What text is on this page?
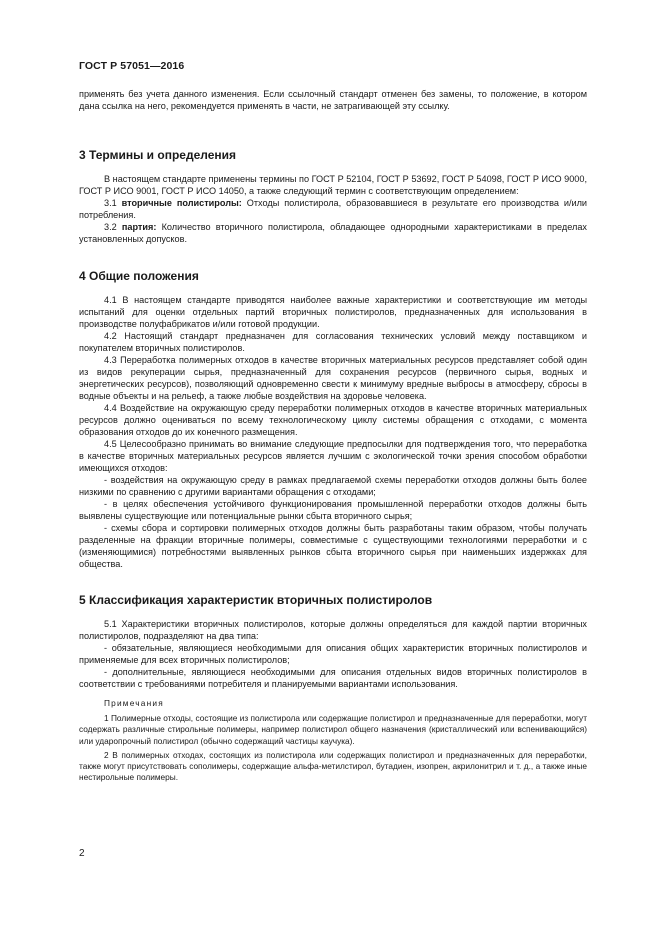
ГОСТ Р 57051—2016

применять без учета данного изменения. Если ссылочный стандарт отменен без замены, то положение, в котором дана ссылка на него, рекомендуется применять в части, не затрагивающей эту ссылку.

3 Термины и определения

В настоящем стандарте применены термины по ГОСТ Р 52104, ГОСТ Р 53692, ГОСТ Р 54098, ГОСТ Р ИСО 9000, ГОСТ Р ИСО 9001, ГОСТ Р ИСО 14050, а также следующий термин с соответствующим определением:

3.1 вторичные полистиролы: Отходы полистирола, образовавшиеся в результате его производства и/или потребления.

3.2 партия: Количество вторичного полистирола, обладающее однородными характеристиками в пределах установленных допусков.

4 Общие положения

4.1 В настоящем стандарте приводятся наиболее важные характеристики и соответствующие им методы испытаний для оценки отдельных партий вторичных полистиролов, предназначенных для использования в производстве полуфабрикатов и/или готовой продукции.

4.2 Настоящий стандарт предназначен для согласования технических условий между поставщиком и покупателем вторичных полистиролов.

4.3 Переработка полимерных отходов в качестве вторичных материальных ресурсов представляет собой один из видов рекуперации сырья, предназначенный для сохранения ресурсов (первичного сырья, водных и энергетических ресурсов), позволяющий одновременно свести к минимуму вредные выбросы в атмосферу, сбросы в водные объекты и на рельеф, а также любые воздействия на здоровье человека.

4.4 Воздействие на окружающую среду переработки полимерных отходов в качестве вторичных материальных ресурсов должно оцениваться по всему технологическому циклу системы обращения с отходами, с момента образования отходов до их конечного размещения.

4.5 Целесообразно принимать во внимание следующие предпосылки для подтверждения того, что переработка в качестве вторичных материальных ресурсов является лучшим с экологической точки зрения способом обработки имеющихся отходов:

- воздействия на окружающую среду в рамках предлагаемой схемы переработки отходов должны быть более низкими по сравнению с другими вариантами обращения с отходами;

- в целях обеспечения устойчивого функционирования промышленной переработки отходов должны быть выявлены существующие или потенциальные рынки сбыта вторичного сырья;

- схемы сбора и сортировки полимерных отходов должны быть разработаны таким образом, чтобы получать разделенные на фракции вторичные полимеры, совместимые с существующими технологиями переработки и с (изменяющимися) потребностями выявленных рынков сбыта вторичного сырья при наименьших издержках для общества.

5 Классификация характеристик вторичных полистиролов

5.1 Характеристики вторичных полистиролов, которые должны определяться для каждой партии вторичных полистиролов, подразделяют на два типа:

- обязательные, являющиеся необходимыми для описания общих характеристик вторичных полистиролов и применяемые для всех вторичных полистиролов;

- дополнительные, являющиеся необходимыми для описания отдельных видов вторичных полистиролов в соответствии с требованиями потребителя и планируемыми вариантами использования.

Примечания

1 Полимерные отходы, состоящие из полистирола или содержащие полистирол и предназначенные для переработки, могут содержать различные стирольные полимеры, например полистирол общего назначения (кристаллический или вспенивающийся) или ударопрочный полистирол (обычно содержащий частицы каучука).

2 В полимерных отходах, состоящих из полистирола или содержащих полистирол и предназначенных для переработки, также могут присутствовать сополимеры, содержащие альфа-метилстирол, бутадиен, изопрен, акрилонитрил и т. д., а также иные нестирольные полимеры.

2
